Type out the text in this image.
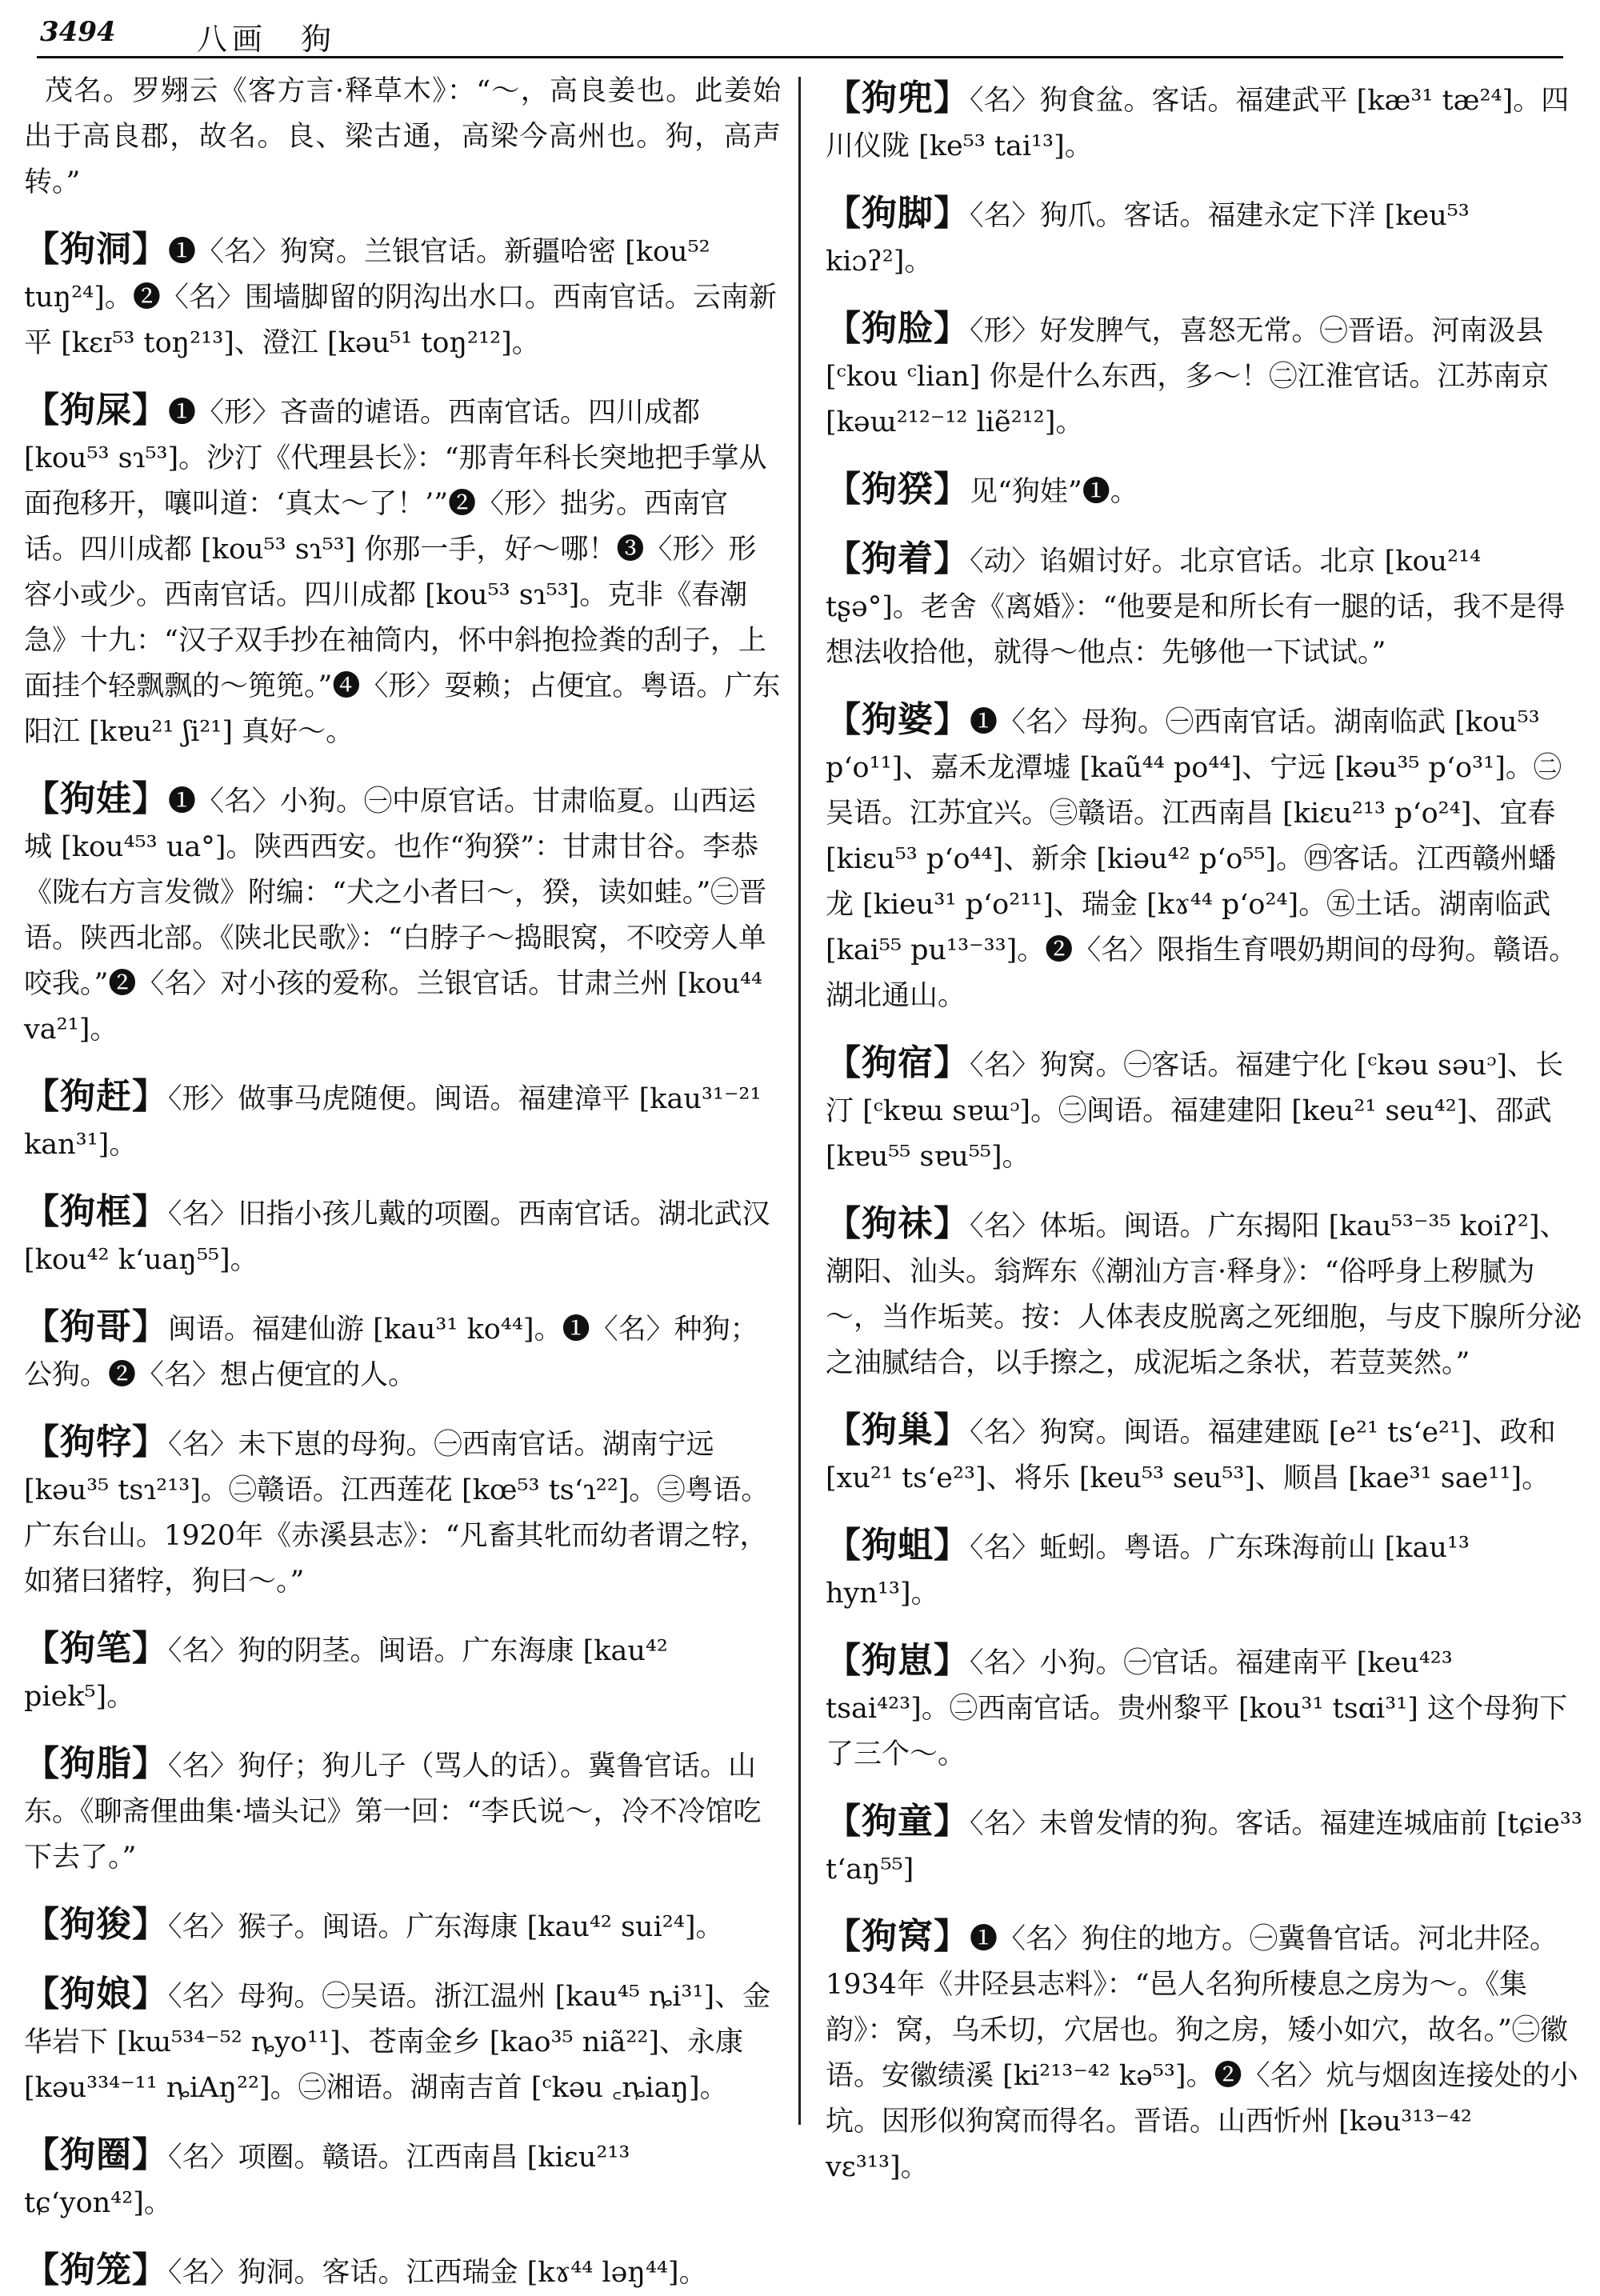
3494	八画 狗
茂名。罗翙云《客方言·释草木》：“～，高良姜也。此姜始出于高良郡，故名。良、梁古通，高梁今高州也。狗，高声转。”
【狗洞】❶〈名〉狗窝。兰银官话。新疆哈密 [kou⁵² tuŋ²⁴]。❷〈名〉围墙脚留的阴沟出水口。西南官话。云南新平 [kɛɪ⁵³ toŋ²¹³]、澄江 [kəu⁵¹ toŋ²¹²]。
【狗屎】❶〈形〉吝啬的谑语。西南官话。四川成都 [kou⁵³ sɿ⁵³]。沙汀《代理县长》：“那青年科长突地把手掌从面孢移开，嚷叫道：‘真太～了！’”❷〈形〉拙劣。西南官话。四川成都 [kou⁵³ sɿ⁵³] 你那一手，好～哪！❸〈形〉形容小或少。西南官话。四川成都 [kou⁵³ sɿ⁵³]。克非《春潮急》十九：“汉子双手抄在袖筒内，怀中斜抱捡粪的刮子，上面挂个轻飘飘的～篼篼。”❹〈形〉耍赖；占便宜。粤语。广东阳江 [kɐu²¹ ʃi²¹] 真好～。
【狗娃】❶〈名〉小狗。㊀中原官话。甘肃临夏。山西运城 [kou⁴⁵³ ua°]。陕西西安。也作“狗猤”：甘肃甘谷。李恭《陇右方言发微》附编：“犬之小者曰～，猤，读如蛙。”㊁晋语。陕西北部。《陕北民歌》：“白脖子～捣眼窝，不咬旁人单咬我。”❷〈名〉对小孩的爱称。兰银官话。甘肃兰州 [kou⁴⁴ va²¹]。
【狗赶】〈形〉做事马虎随便。闽语。福建漳平 [kau³¹⁻²¹ kan³¹]。
【狗框】〈名〉旧指小孩儿戴的项圈。西南官话。湖北武汉 [kou⁴² k‘uaŋ⁵⁵]。
【狗哥】闽语。福建仙游 [kau³¹ ko⁴⁴]。❶〈名〉种狗；公狗。❷〈名〉想占便宜的人。
【狗牸】〈名〉未下崽的母狗。㊀西南官话。湖南宁远 [kəu³⁵ tsɿ²¹³]。㊁赣语。江西莲花 [kœ⁵³ ts‘ɿ²²]。㊂粤语。广东台山。1920年《赤溪县志》：“凡畜其牝而幼者谓之牸，如猪曰猪牸，狗曰～。”
【狗笔】〈名〉狗的阴茎。闽语。广东海康 [kau⁴² piek⁵]。
【狗脂】〈名〉狗仔；狗儿子（骂人的话）。冀鲁官话。山东。《聊斋俚曲集·墙头记》第一回：“李氏说～，冷不冷馆吃下去了。”
【狗狻】〈名〉猴子。闽语。广东海康 [kau⁴² sui²⁴]。
【狗娘】〈名〉母狗。㊀吴语。浙江温州 [kau⁴⁵ ȵi³¹]、金华岩下 [kɯ⁵³⁴⁻⁵² ȵyo¹¹]、苍南金乡 [kao³⁵ niã²²]、永康 [kəu³³⁴⁻¹¹ ȵiAŋ²²]。㊁湘语。湖南吉首 [ᶜkəu ꜀ȵiaŋ]。
【狗圈】〈名〉项圈。赣语。江西南昌 [kiɛu²¹³ tɕ‘yon⁴²]。
【狗笼】〈名〉狗洞。客话。江西瑞金 [kɤ⁴⁴ ləŋ⁴⁴]。
【狗兜】〈名〉狗食盆。客话。福建武平 [kæ³¹ tæ²⁴]。四川仪陇 [ke⁵³ tai¹³]。
【狗脚】〈名〉狗爪。客话。福建永定下洋 [keu⁵³ kiɔʔ²]。
【狗脸】〈形〉好发脾气，喜怒无常。㊀晋语。河南汲县 [ᶜkou ᶜlian] 你是什么东西，多～！㊁江淮官话。江苏南京 [kəɯ²¹²⁻¹² liẽ²¹²]。
【狗猤】见“狗娃”❶。
【狗着】〈动〉谄媚讨好。北京官话。北京 [kou²¹⁴ tʂə°]。老舍《离婚》：“他要是和所长有一腿的话，我不是得想法收拾他，就得～他点：先够他一下试试。”
【狗婆】❶〈名〉母狗。㊀西南官话。湖南临武 [kou⁵³ p‘o¹¹]、嘉禾龙潭墟 [kaũ⁴⁴ po⁴⁴]、宁远 [kəu³⁵ p‘o³¹]。㊁吴语。江苏宜兴。㊂赣语。江西南昌 [kiɛu²¹³ p‘o²⁴]、宜春 [kiɛu⁵³ p‘o⁴⁴]、新余 [kiəu⁴² p‘o⁵⁵]。㊃客话。江西赣州蟠龙 [kieu³¹ p‘o²¹¹]、瑞金 [kɤ⁴⁴ p‘o²⁴]。㊄土话。湖南临武 [kai⁵⁵ pu¹³⁻³³]。❷〈名〉限指生育喂奶期间的母狗。赣语。湖北通山。
【狗宿】〈名〉狗窝。㊀客话。福建宁化 [ᶜkəu səuᵓ]、长汀 [ᶜkɐɯ sɐɯᵓ]。㊁闽语。福建建阳 [keu²¹ seu⁴²]、邵武 [kɐu⁵⁵ sɐu⁵⁵]。
【狗祙】〈名〉体垢。闽语。广东揭阳 [kau⁵³⁻³⁵ koiʔ²]、潮阳、汕头。翁辉东《潮汕方言·释身》：“俗呼身上秽腻为～，当作垢荚。按：人体表皮脱离之死细胞，与皮下腺所分泌之油腻结合，以手擦之，成泥垢之条状，若荳荚然。”
【狗巢】〈名〉狗窝。闽语。福建建瓯 [e²¹ ts‘e²¹]、政和 [xu²¹ ts‘e²³]、将乐 [keu⁵³ seu⁵³]、顺昌 [kae³¹ sae¹¹]。
【狗蛆】〈名〉蚯蚓。粤语。广东珠海前山 [kau¹³ hyn¹³]。
【狗崽】〈名〉小狗。㊀官话。福建南平 [keu⁴²³ tsai⁴²³]。㊁西南官话。贵州黎平 [kou³¹ tsɑi³¹] 这个母狗下了三个～。
【狗童】〈名〉未曾发情的狗。客话。福建连城庙前 [tɕie³³ t‘aŋ⁵⁵]
【狗窝】❶〈名〉狗住的地方。㊀冀鲁官话。河北井陉。1934年《井陉县志料》：“邑人名狗所棲息之房为～。《集韵》：窝，乌禾切，穴居也。狗之房，矮小如穴，故名。”㊁徽语。安徽绩溪 [ki²¹³⁻⁴² kə⁵³]。❷〈名〉炕与烟囱连接处的小坑。因形似狗窝而得名。晋语。山西忻州 [kəu³¹³⁻⁴² vɛ³¹³]。
